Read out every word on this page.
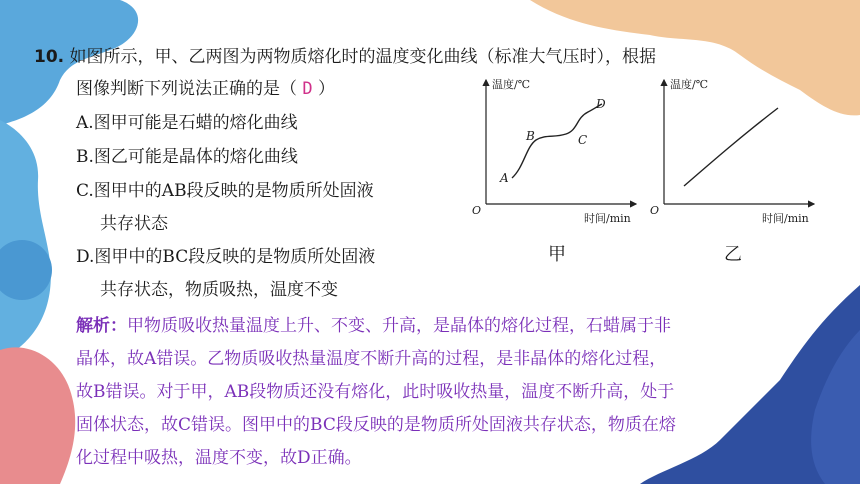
10. 如图所示，甲、乙两图为两物质熔化时的温度变化曲线（标准大气压时），根据
图像判断下列说法正确的是（ D ）
A.图甲可能是石蜡的熔化曲线
B.图乙可能是晶体的熔化曲线
C.图甲中的AB段反映的是物质所处固液
共存状态
D.图甲中的BC段反映的是物质所处固液
共存状态，物质吸热，温度不变
温度/℃
时间/min
O
A
B	C
D
甲
温度/℃
时间/min
O
乙
解析：甲物质吸收热量温度上升、不变、升高，是晶体的熔化过程，石蜡属于非
晶体，故A错误。乙物质吸收热量温度不断升高的过程，是非晶体的熔化过程，
故B错误。对于甲，AB段物质还没有熔化，此时吸收热量，温度不断升高，处于
固体状态，故C错误。图甲中的BC段反映的是物质所处固液共存状态，物质在熔
化过程中吸热，温度不变，故D正确。
